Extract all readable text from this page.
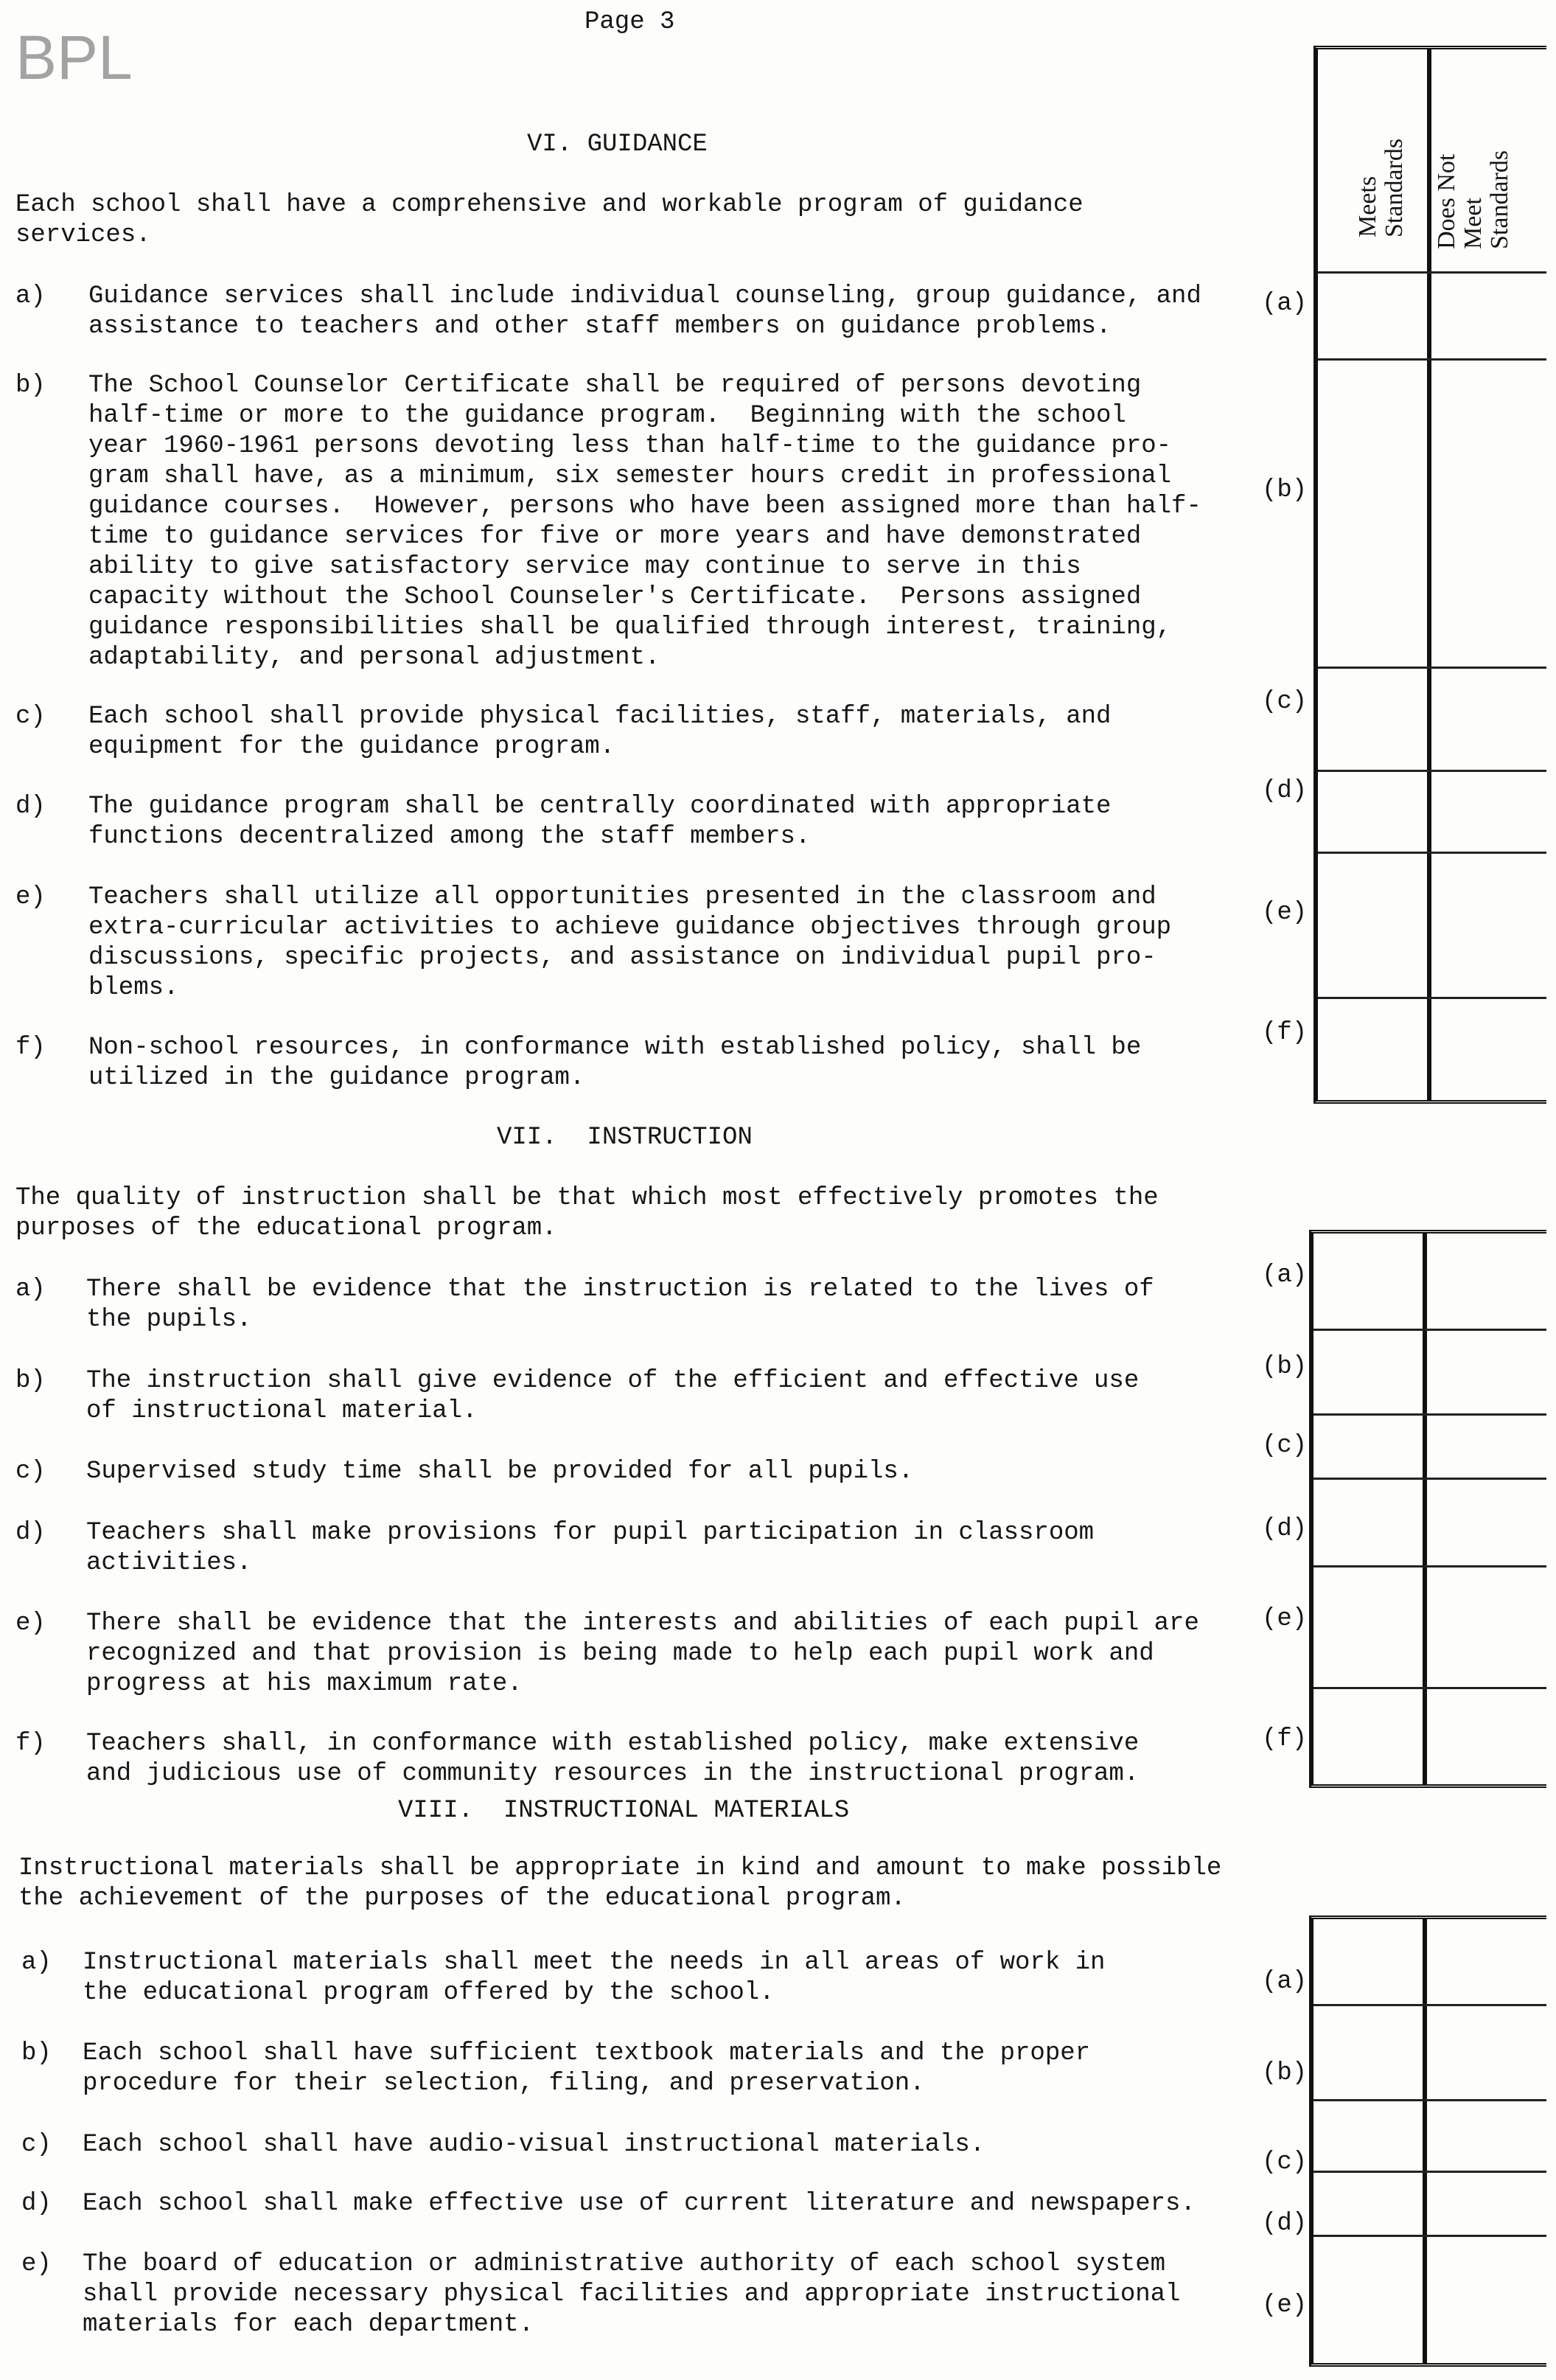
Page 3
VI. GUIDANCE
Each school shall have a comprehensive and workable program of guidance
services.
a) Guidance services shall include individual counseling, group guidance, and
assistance to teachers and other staff members on guidance problems.
(a)
b) The School Counselor Certificate shall be required of persons devoting
half-time or more to the guidance program.  Beginning with the school
year 1960-1961 persons devoting less than half-time to the guidance pro-
gram shall have, as a minimum, six semester hours credit in professional
guidance courses.  However, persons who have been assigned more than half-
time to guidance services for five or more years and have demonstrated
ability to give satisfactory service may continue to serve in this
capacity without the School Counseler's Certificate.  Persons assigned
guidance responsibilities shall be qualified through interest, training,
adaptability, and personal adjustment.
(b)
c) Each school shall provide physical facilities, staff, materials, and
equipment for the guidance program.
(c)
d) The guidance program shall be centrally coordinated with appropriate
functions decentralized among the staff members.
(d)
e) Teachers shall utilize all opportunities presented in the classroom and
extra-curricular activities to achieve guidance objectives through group
discussions, specific projects, and assistance on individual pupil pro-
blems.
(e)
f) Non-school resources, in conformance with established policy, shall be
utilized in the guidance program.
(f)
Meets
Standards Does Not
Meet
Standards
VII.  INSTRUCTION
The quality of instruction shall be that which most effectively promotes the
purposes of the educational program.
a) There shall be evidence that the instruction is related to the lives of
the pupils.
(a)
b) The instruction shall give evidence of the efficient and effective use
of instructional material.
(b)
c) Supervised study time shall be provided for all pupils.
(c)
d) Teachers shall make provisions for pupil participation in classroom
activities.
(d)
e) There shall be evidence that the interests and abilities of each pupil are
recognized and that provision is being made to help each pupil work and
progress at his maximum rate.
(e)
f) Teachers shall, in conformance with established policy, make extensive
and judicious use of community resources in the instructional program.
(f)
VIII.  INSTRUCTIONAL MATERIALS
Instructional materials shall be appropriate in kind and amount to make possible
the achievement of the purposes of the educational program.
a) Instructional materials shall meet the needs in all areas of work in
the educational program offered by the school.	(a)
b) Each school shall have sufficient textbook materials and the proper
procedure for their selection, filing, and preservation.	(b)
c) Each school shall have audio-visual instructional materials.
(c)
d) Each school shall make effective use of current literature and newspapers.
(d)
e) The board of education or administrative authority of each school system
shall provide necessary physical facilities and appropriate instructional
materials for each department.
(e)
BPL
